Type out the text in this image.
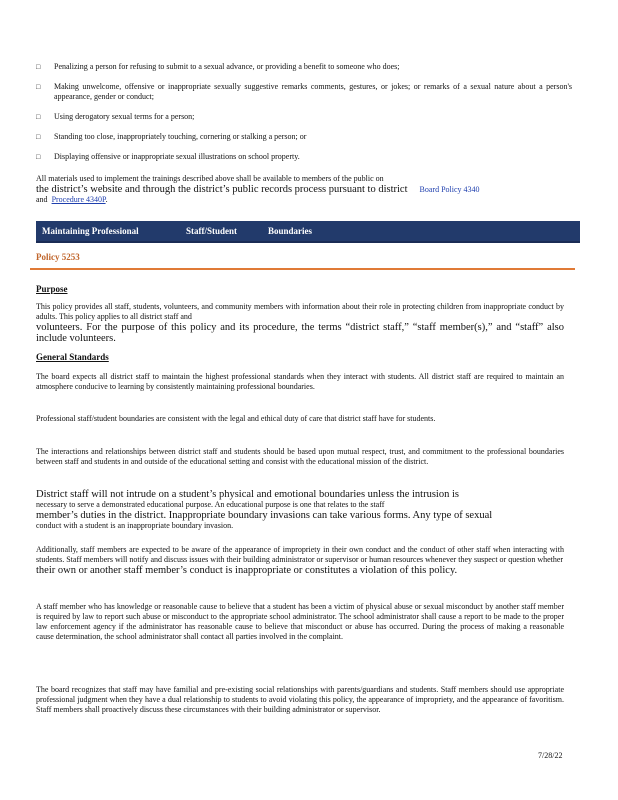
□	Penalizing a person for refusing to submit to a sexual advance, or providing a benefit to someone who does;
□	Making unwelcome, offensive or inappropriate sexually suggestive remarks comments, gestures, or jokes; or remarks of a sexual nature about a person's appearance, gender or conduct;
□	Using derogatory sexual terms for a person;
□	Standing too close, inappropriately touching, cornering or stalking a person; or
□	Displaying offensive or inappropriate sexual illustrations on school property.
All materials used to implement the trainings described above shall be available to members of the public on
the district’s website and through the district’s public records process pursuant to district Board Policy 4340
and Procedure 4340P.
Maintaining Professional	Staff/Student	Boundaries
Policy 5253
Purpose
This policy provides all staff, students, volunteers, and community members with information about their role in protecting children from inappropriate conduct by adults. This policy applies to all district staff and
volunteers. For the purpose of this policy and its procedure, the terms “district staff,” “staff member(s),” and “staff” also include volunteers.
General Standards
The board expects all district staff to maintain the highest professional standards when they interact with students. All district staff are required to maintain an atmosphere conducive to learning by consistently maintaining professional boundaries.
Professional staff/student boundaries are consistent with the legal and ethical duty of care that district staff have for students.
The interactions and relationships between district staff and students should be based upon mutual respect, trust, and commitment to the professional boundaries between staff and students in and outside of the educational setting and consist with the educational mission of the district.
District staff will not intrude on a student’s physical and emotional boundaries unless the intrusion is
necessary to serve a demonstrated educational purpose. An educational purpose is one that relates to the staff
member’s duties in the district. Inappropriate boundary invasions can take various forms. Any type of sexual
conduct with a student is an inappropriate boundary invasion.
Additionally, staff members are expected to be aware of the appearance of impropriety in their own conduct and the conduct of other staff when interacting with students. Staff members will notify and discuss issues with their building administrator or supervisor or human resources whenever they suspect or question whether
their own or another staff member’s conduct is inappropriate or constitutes a violation of this policy.
A staff member who has knowledge or reasonable cause to believe that a student has been a victim of physical abuse or sexual misconduct by another staff member is required by law to report such abuse or misconduct to the appropriate school administrator. The school administrator shall cause a report to be made to the proper law enforcement agency if the administrator has reasonable cause to believe that misconduct or abuse has occurred. During the process of making a reasonable cause determination, the school administrator shall contact all parties involved in the complaint.
The board recognizes that staff may have familial and pre-existing social relationships with parents/guardians and students. Staff members should use appropriate professional judgment when they have a dual relationship to students to avoid violating this policy, the appearance of impropriety, and the appearance of favoritism. Staff members shall proactively discuss these circumstances with their building administrator or supervisor.
7/28/22
